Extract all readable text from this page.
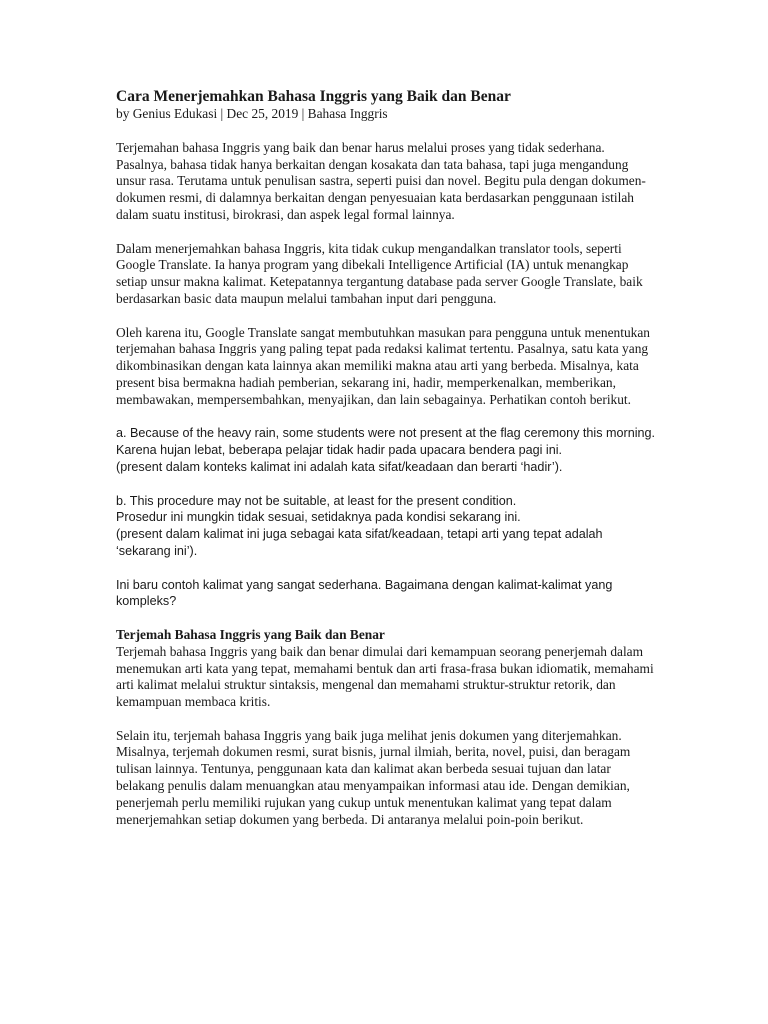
Cara Menerjemahkan Bahasa Inggris yang Baik dan Benar
by Genius Edukasi | Dec 25, 2019 | Bahasa Inggris

Terjemahan bahasa Inggris yang baik dan benar harus melalui proses yang tidak sederhana. Pasalnya, bahasa tidak hanya berkaitan dengan kosakata dan tata bahasa, tapi juga mengandung unsur rasa. Terutama untuk penulisan sastra, seperti puisi dan novel. Begitu pula dengan dokumen-dokumen resmi, di dalamnya berkaitan dengan penyesuaian kata berdasarkan penggunaan istilah dalam suatu institusi, birokrasi, dan aspek legal formal lainnya.

Dalam menerjemahkan bahasa Inggris, kita tidak cukup mengandalkan translator tools, seperti Google Translate. Ia hanya program yang dibekali Intelligence Artificial (IA) untuk menangkap setiap unsur makna kalimat. Ketepatannya tergantung database pada server Google Translate, baik berdasarkan basic data maupun melalui tambahan input dari pengguna.

Oleh karena itu, Google Translate sangat membutuhkan masukan para pengguna untuk menentukan terjemahan bahasa Inggris yang paling tepat pada redaksi kalimat tertentu. Pasalnya, satu kata yang dikombinasikan dengan kata lainnya akan memiliki makna atau arti yang berbeda. Misalnya, kata present bisa bermakna hadiah pemberian, sekarang ini, hadir, memperkenalkan, memberikan, membawakan, mempersembahkan, menyajikan, dan lain sebagainya. Perhatikan contoh berikut.

a. Because of the heavy rain, some students were not present at the flag ceremony this morning.
Karena hujan lebat, beberapa pelajar tidak hadir pada upacara bendera pagi ini.
(present dalam konteks kalimat ini adalah kata sifat/keadaan dan berarti ‘hadir’).

b. This procedure may not be suitable, at least for the present condition.
Prosedur ini mungkin tidak sesuai, setidaknya pada kondisi sekarang ini.
(present dalam kalimat ini juga sebagai kata sifat/keadaan, tetapi arti yang tepat adalah ‘sekarang ini’).

Ini baru contoh kalimat yang sangat sederhana. Bagaimana dengan kalimat-kalimat yang kompleks?

Terjemah Bahasa Inggris yang Baik dan Benar

Terjemah bahasa Inggris yang baik dan benar dimulai dari kemampuan seorang penerjemah dalam menemukan arti kata yang tepat, memahami bentuk dan arti frasa-frasa bukan idiomatik, memahami arti kalimat melalui struktur sintaksis, mengenal dan memahami struktur-struktur retorik, dan kemampuan membaca kritis.

Selain itu, terjemah bahasa Inggris yang baik juga melihat jenis dokumen yang diterjemahkan. Misalnya, terjemah dokumen resmi, surat bisnis, jurnal ilmiah, berita, novel, puisi, dan beragam tulisan lainnya. Tentunya, penggunaan kata dan kalimat akan berbeda sesuai tujuan dan latar belakang penulis dalam menuangkan atau menyampaikan informasi atau ide. Dengan demikian, penerjemah perlu memiliki rujukan yang cukup untuk menentukan kalimat yang tepat dalam menerjemahkan setiap dokumen yang berbeda. Di antaranya melalui poin-poin berikut.
